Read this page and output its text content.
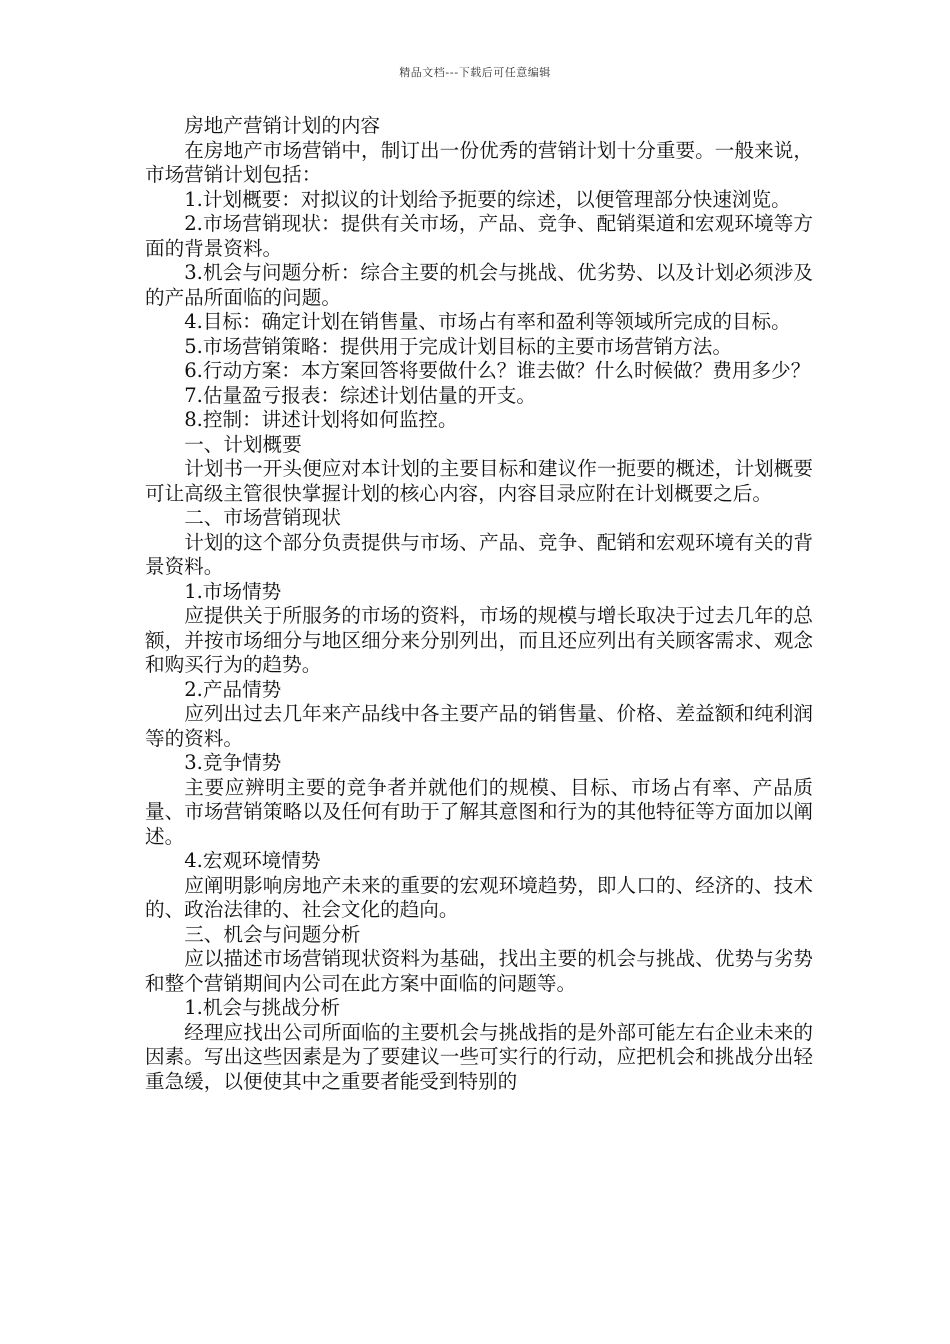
精品文档---下载后可任意编辑

房地产营销计划的内容

在房地产市场营销中，制订出一份优秀的营销计划十分重要。一般来说，市场营销计划包括：

1.计划概要：对拟议的计划给予扼要的综述，以便管理部分快速浏览。

2.市场营销现状：提供有关市场，产品、竞争、配销渠道和宏观环境等方面的背景资料。

3.机会与问题分析：综合主要的机会与挑战、优劣势、以及计划必须涉及的产品所面临的问题。

4.目标：确定计划在销售量、市场占有率和盈利等领域所完成的目标。

5.市场营销策略：提供用于完成计划目标的主要市场营销方法。

6.行动方案：本方案回答将要做什么？谁去做？什么时候做？费用多少？

7.估量盈亏报表：综述计划估量的开支。

8.控制：讲述计划将如何监控。

一、计划概要

计划书一开头便应对本计划的主要目标和建议作一扼要的概述，计划概要可让高级主管很快掌握计划的核心内容，内容目录应附在计划概要之后。

二、市场营销现状

计划的这个部分负责提供与市场、产品、竞争、配销和宏观环境有关的背景资料。

1.市场情势

应提供关于所服务的市场的资料，市场的规模与增长取决于过去几年的总额，并按市场细分与地区细分来分别列出，而且还应列出有关顾客需求、观念和购买行为的趋势。

2.产品情势

应列出过去几年来产品线中各主要产品的销售量、价格、差益额和纯利润等的资料。

3.竞争情势

主要应辨明主要的竞争者并就他们的规模、目标、市场占有率、产品质量、市场营销策略以及任何有助于了解其意图和行为的其他特征等方面加以阐述。

4.宏观环境情势

应阐明影响房地产未来的重要的宏观环境趋势，即人口的、经济的、技术的、政治法律的、社会文化的趋向。

三、机会与问题分析

应以描述市场营销现状资料为基础，找出主要的机会与挑战、优势与劣势和整个营销期间内公司在此方案中面临的问题等。

1.机会与挑战分析

经理应找出公司所面临的主要机会与挑战指的是外部可能左右企业未来的因素。写出这些因素是为了要建议一些可实行的行动，应把机会和挑战分出轻重急缓，以便使其中之重要者能受到特别的
